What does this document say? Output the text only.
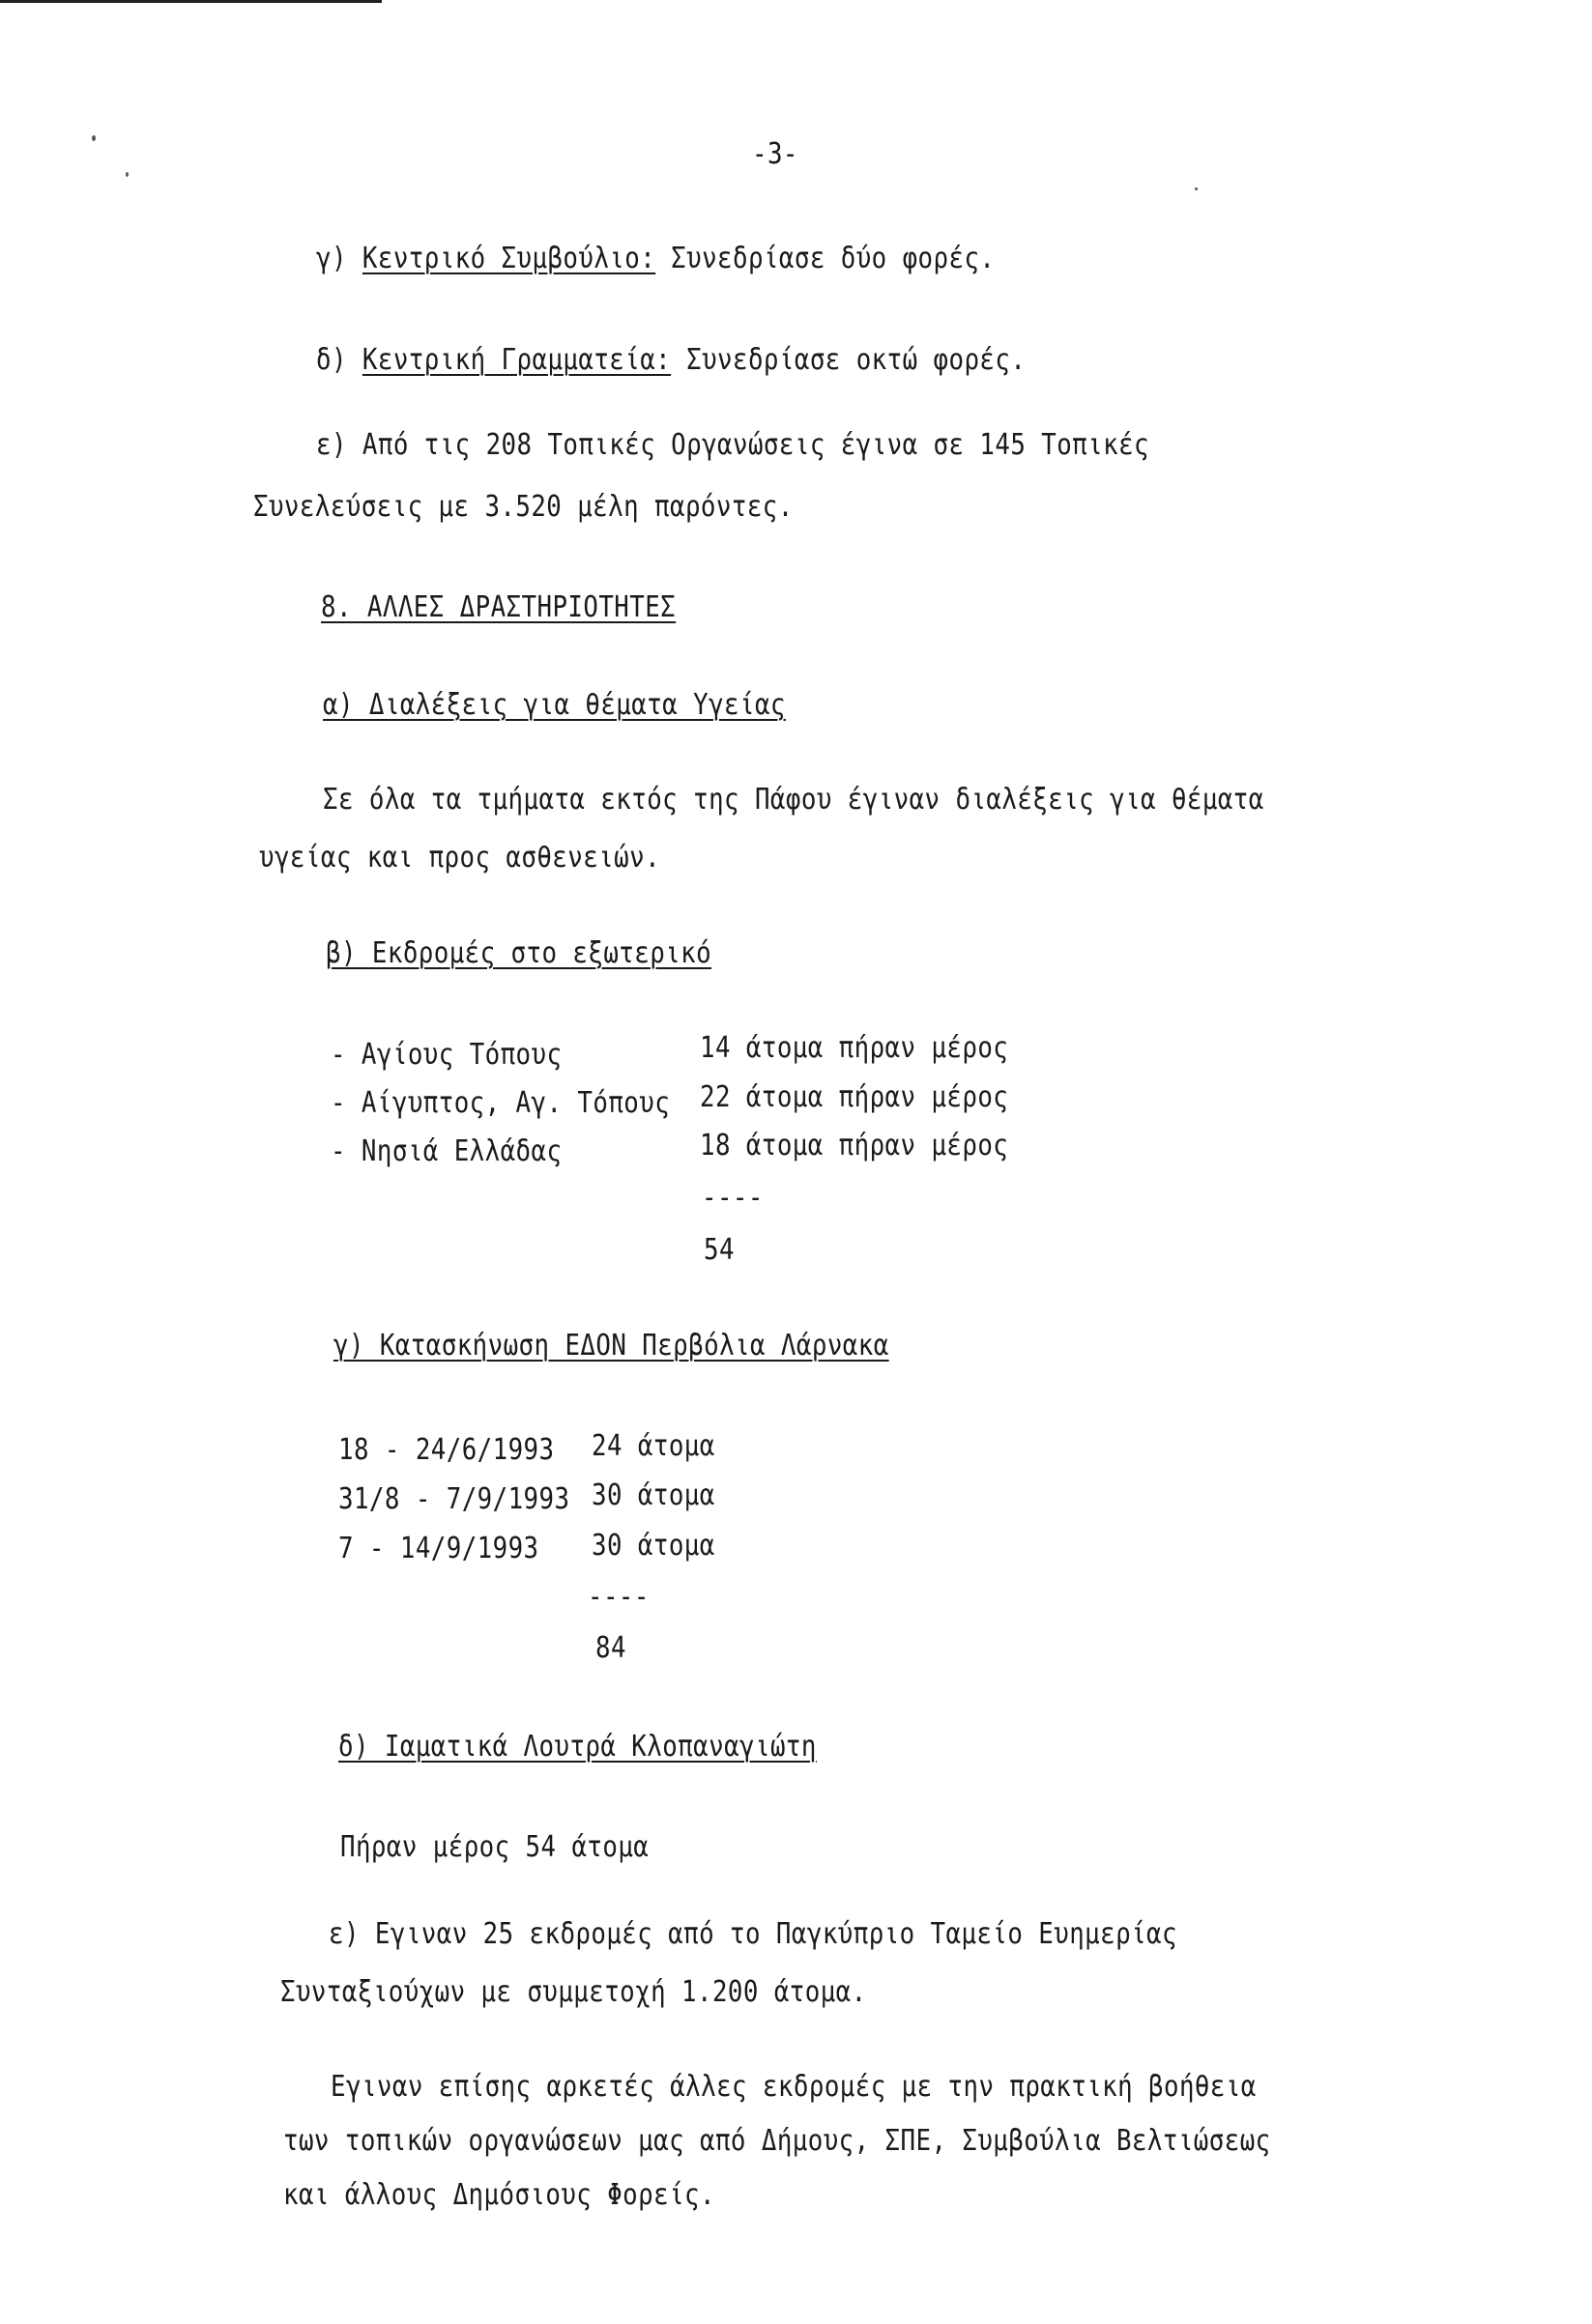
-3-
γ) Κεντρικό Συμβούλιο: Συνεδρίασε δύο φορές.
δ) Κεντρική Γραμματεία: Συνεδρίασε οκτώ φορές.
ε) Από τις 208 Τοπικές Οργανώσεις έγινα σε 145 Τοπικές
Συνελεύσεις με 3.520 μέλη παρόντες.
8. ΑΛΛΕΣ ΔΡΑΣΤΗΡΙΟΤΗΤΕΣ
α) Διαλέξεις για θέματα Υγείας
Σε όλα τα τμήματα εκτός της Πάφου έγιναν διαλέξεις για θέματα
υγείας και προς ασθενειών.
β) Εκδρομές στο εξωτερικό
- Αγίους Τόπους	14 άτομα πήραν μέρος
- Αίγυπτος, Αγ. Τόπους 22 άτομα πήραν μέρος
- Νησιά Ελλάδας	18 άτομα πήραν μέρος
----
54
γ) Κατασκήνωση ΕΔΟΝ Περβόλια Λάρνακα
18 - 24/6/1993 24 άτομα
31/8 - 7/9/1993 30 άτομα
7 - 14/9/1993 30 άτομα
----
84
δ) Ιαματικά Λουτρά Κλοπαναγιώτη
Πήραν μέρος 54 άτομα
ε) Εγιναν 25 εκδρομές από το Παγκύπριο Ταμείο Ευημερίας
Συνταξιούχων με συμμετοχή 1.200 άτομα.
Εγιναν επίσης αρκετές άλλες εκδρομές με την πρακτική βοήθεια
των τοπικών οργανώσεων μας από Δήμους, ΣΠΕ, Συμβούλια Βελτιώσεως
και άλλους Δημόσιους Φορείς.
